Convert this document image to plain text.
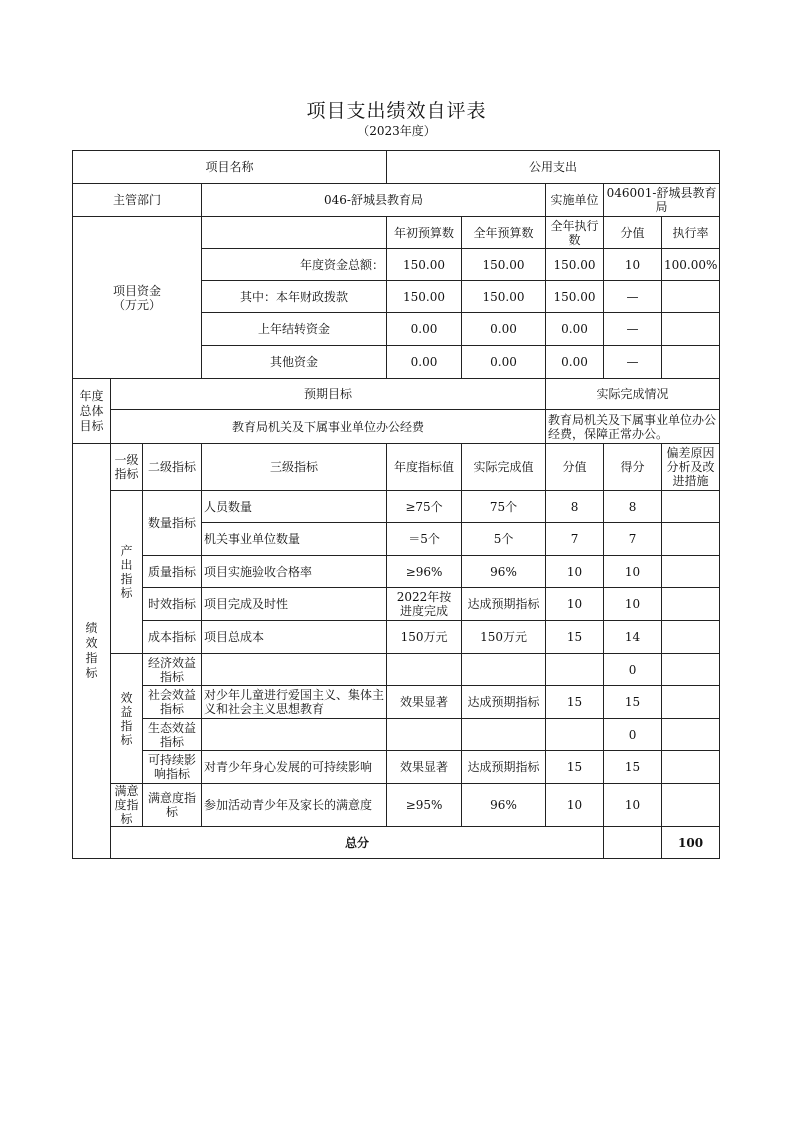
项目支出绩效自评表
（2023年度）
项目名称				公用支出					
主管部门			046-舒城县教育局			实施单位	046001-舒城县教育局		
项目资金
（万元）				年初预算数	全年预算数	全年执行数	分值	执行率	
			年度资金总额：	150.00	150.00	150.00	10	100.00%	
			其中：本年财政拨款	150.00	150.00	150.00	—		
			上年结转资金	0.00	0.00	0.00	—		
			其他资金	0.00	0.00	0.00	—		
年度总体目标	预期目标					实际完成情况			
	教育局机关及下属事业单位办公经费					教育局机关及下属事业单位办公经费，保障正常办公。			
绩效指标	一级指标	二级指标	三级指标	年度指标值	实际完成值	分值	得分	偏差原因分析及改进措施	
	产出指标	数量指标	人员数量	≥75个	75个	8	8		
			机关事业单位数量	＝5个	5个	7	7		
		质量指标	项目实施验收合格率	≥96%	96%	10	10		
		时效指标	项目完成及时性	2022年按进度完成	达成预期指标	10	10		
		成本指标	项目总成本	150万元	150万元	15	14		
	效益指标	经济效益指标					0		
		社会效益指标	对少年儿童进行爱国主义、集体主义和社会主义思想教育	效果显著	达成预期指标	15	15		
		生态效益指标					0		
		可持续影响指标	对青少年身心发展的可持续影响	效果显著	达成预期指标	15	15		
	满意度指标	满意度指标	参加活动青少年及家长的满意度	≥95%	96%	10	10		
	总分							100	
